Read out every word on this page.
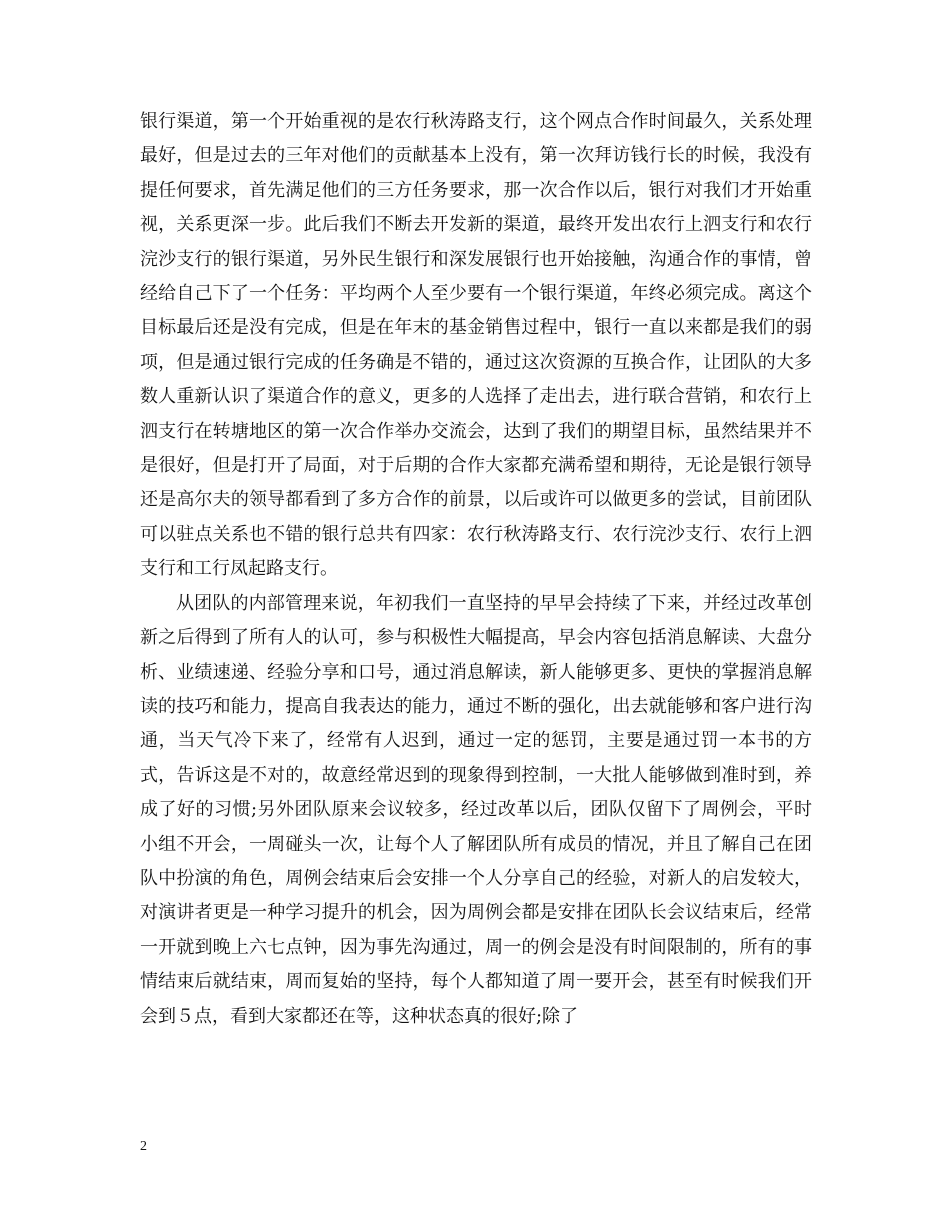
银行渠道，第一个开始重视的是农行秋涛路支行，这个网点合作时间最久，关系处理最好，但是过去的三年对他们的贡献基本上没有，第一次拜访钱行长的时候，我没有提任何要求，首先满足他们的三方任务要求，那一次合作以后，银行对我们才开始重视，关系更深一步。此后我们不断去开发新的渠道，最终开发出农行上泗支行和农行浣沙支行的银行渠道，另外民生银行和深发展银行也开始接触，沟通合作的事情，曾经给自己下了一个任务：平均两个人至少要有一个银行渠道，年终必须完成。离这个目标最后还是没有完成，但是在年末的基金销售过程中，银行一直以来都是我们的弱项，但是通过银行完成的任务确是不错的，通过这次资源的互换合作，让团队的大多数人重新认识了渠道合作的意义，更多的人选择了走出去，进行联合营销，和农行上泗支行在转塘地区的第一次合作举办交流会，达到了我们的期望目标，虽然结果并不是很好，但是打开了局面，对于后期的合作大家都充满希望和期待，无论是银行领导还是高尔夫的领导都看到了多方合作的前景，以后或许可以做更多的尝试，目前团队可以驻点关系也不错的银行总共有四家：农行秋涛路支行、农行浣沙支行、农行上泗支行和工行凤起路支行。

从团队的内部管理来说，年初我们一直坚持的早早会持续了下来，并经过改革创新之后得到了所有人的认可，参与积极性大幅提高，早会内容包括消息解读、大盘分析、业绩速递、经验分享和口号，通过消息解读，新人能够更多、更快的掌握消息解读的技巧和能力，提高自我表达的能力，通过不断的强化，出去就能够和客户进行沟通，当天气冷下来了，经常有人迟到，通过一定的惩罚，主要是通过罚一本书的方式，告诉这是不对的，故意经常迟到的现象得到控制，一大批人能够做到准时到，养成了好的习惯;另外团队原来会议较多，经过改革以后，团队仅留下了周例会，平时小组不开会，一周碰头一次，让每个人了解团队所有成员的情况，并且了解自己在团队中扮演的角色，周例会结束后会安排一个人分享自己的经验，对新人的启发较大，对演讲者更是一种学习提升的机会，因为周例会都是安排在团队长会议结束后，经常一开就到晚上六七点钟，因为事先沟通过，周一的例会是没有时间限制的，所有的事情结束后就结束，周而复始的坚持，每个人都知道了周一要开会，甚至有时候我们开会到５点，看到大家都还在等，这种状态真的很好;除了

2
